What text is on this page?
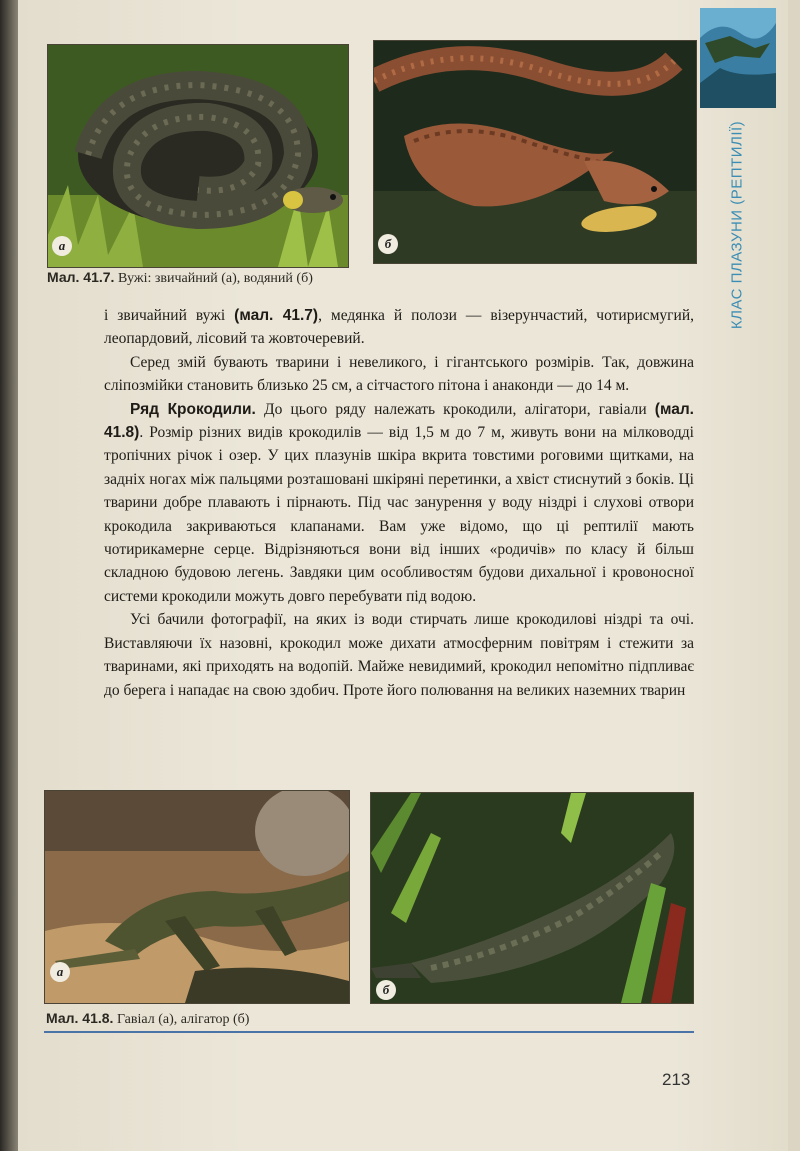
КЛАС ПЛАЗУНИ (РЕПТИЛІЇ)
а	б
Мал. 41.7. Вужі: звичайний (а), водяний (б)

і звичайний вужі (мал. 41.7), медянка й полози — візерунчастий, чотирисмугий, леопардовий, лісовий та жовточеревий.

Серед змій бувають тварини і невеликого, і гігантського розмірів. Так, довжина сліпозмійки становить близько 25 см, а сітчастого пітона і анаконди — до 14 м.

Ряд Крокодили. До цього ряду належать крокодили, алігатори, гавіали (мал. 41.8). Розмір різних видів крокодилів — від 1,5 м до 7 м, живуть вони на мілководді тропічних річок і озер. У цих плазунів шкіра вкрита товстими роговими щитками, на задніх ногах між пальцями розташовані шкіряні перетинки, а хвіст стиснутий з боків. Ці тварини добре плавають і пірнають. Під час занурення у воду ніздрі і слухові отвори крокодила закриваються клапанами. Вам уже відомо, що ці рептилії мають чотирикамерне серце. Відрізняються вони від інших «родичів» по класу й більш складною будовою легень. Завдяки цим особливостям будови дихальної і кровоносної системи крокодили можуть довго перебувати під водою.

Усі бачили фотографії, на яких із води стирчать лише крокодилові ніздрі та очі. Виставляючи їх назовні, крокодил може дихати атмосферним повітрям і стежити за тваринами, які приходять на водопій. Майже невидимий, крокодил непомітно підпливає до берега і нападає на свою здобич. Проте його полювання на великих наземних тварин

а
б
Мал. 41.8. Гавіал (а), алігатор (б)
213
